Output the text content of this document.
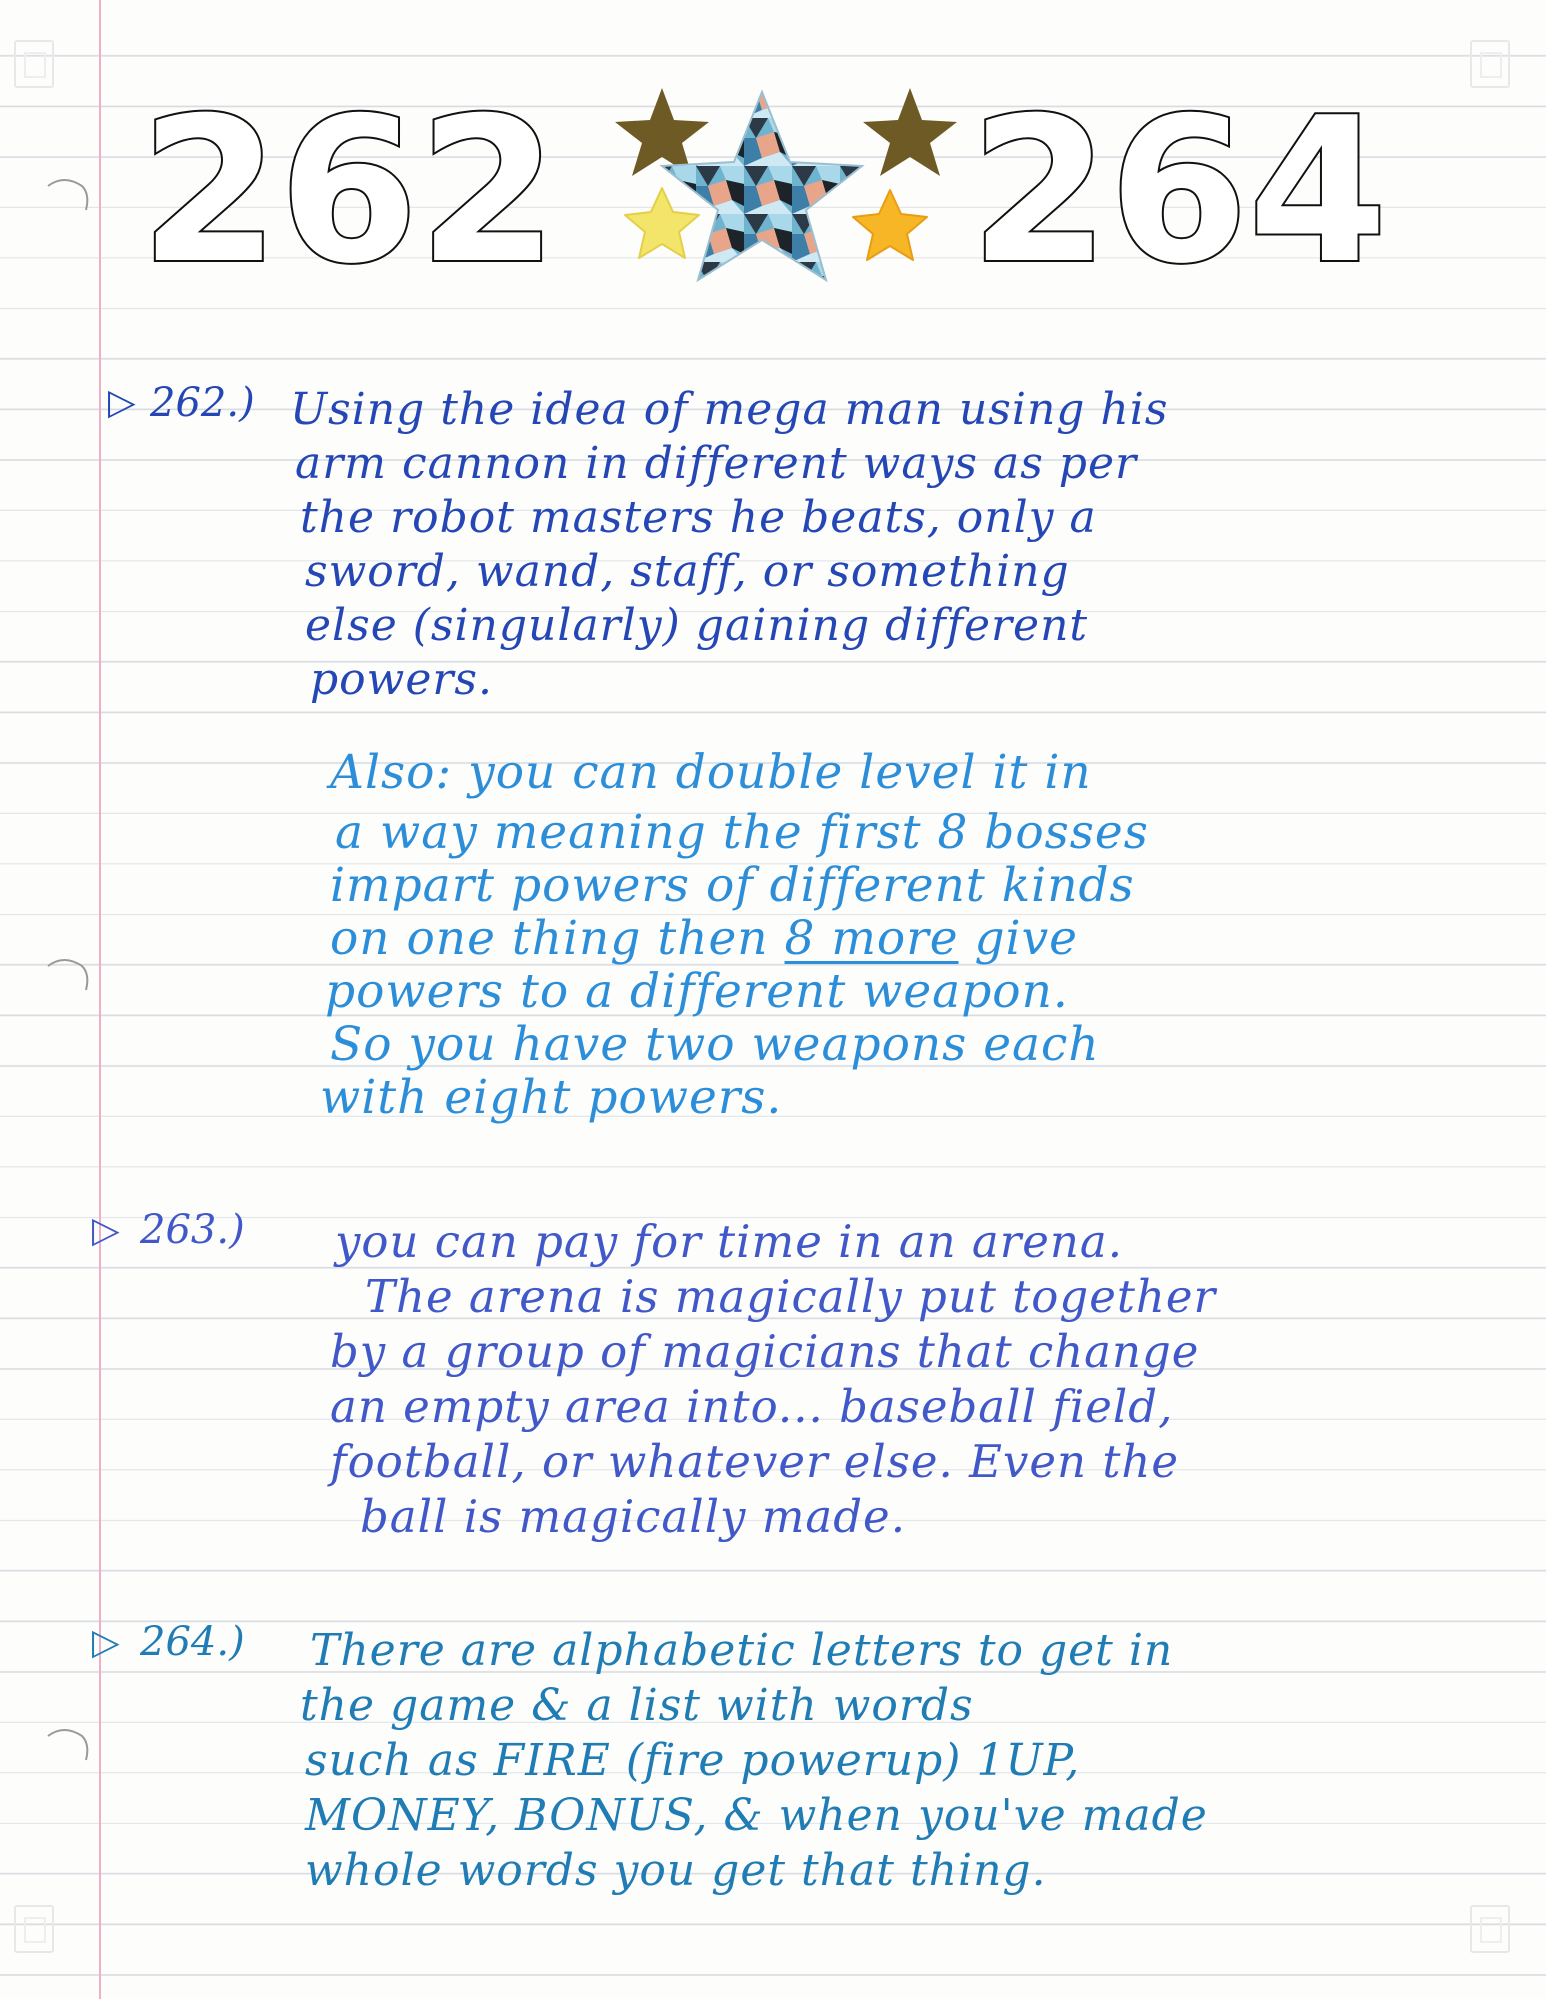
262 264
▷ 262.) Using the idea of mega man using his
arm cannon in different ways as per
the robot masters he beats, only a
sword, wand, staff, or something
else (singularly) gaining different
powers.
Also: you can double level it in
a way meaning the first 8 bosses
impart powers of different kinds
on one thing then 8 more give
powers to a different weapon.
So you have two weapons each
with eight powers.
▷ 263.) you can pay for time in an arena.
The arena is magically put together
by a group of magicians that change
an empty area into... baseball field,
football, or whatever else. Even the
ball is magically made.
▷ 264.) There are alphabetic letters to get in
the game & a list with words
such as FIRE (fire powerup) 1UP,
MONEY, BONUS, & when you've made
whole words you get that thing.
